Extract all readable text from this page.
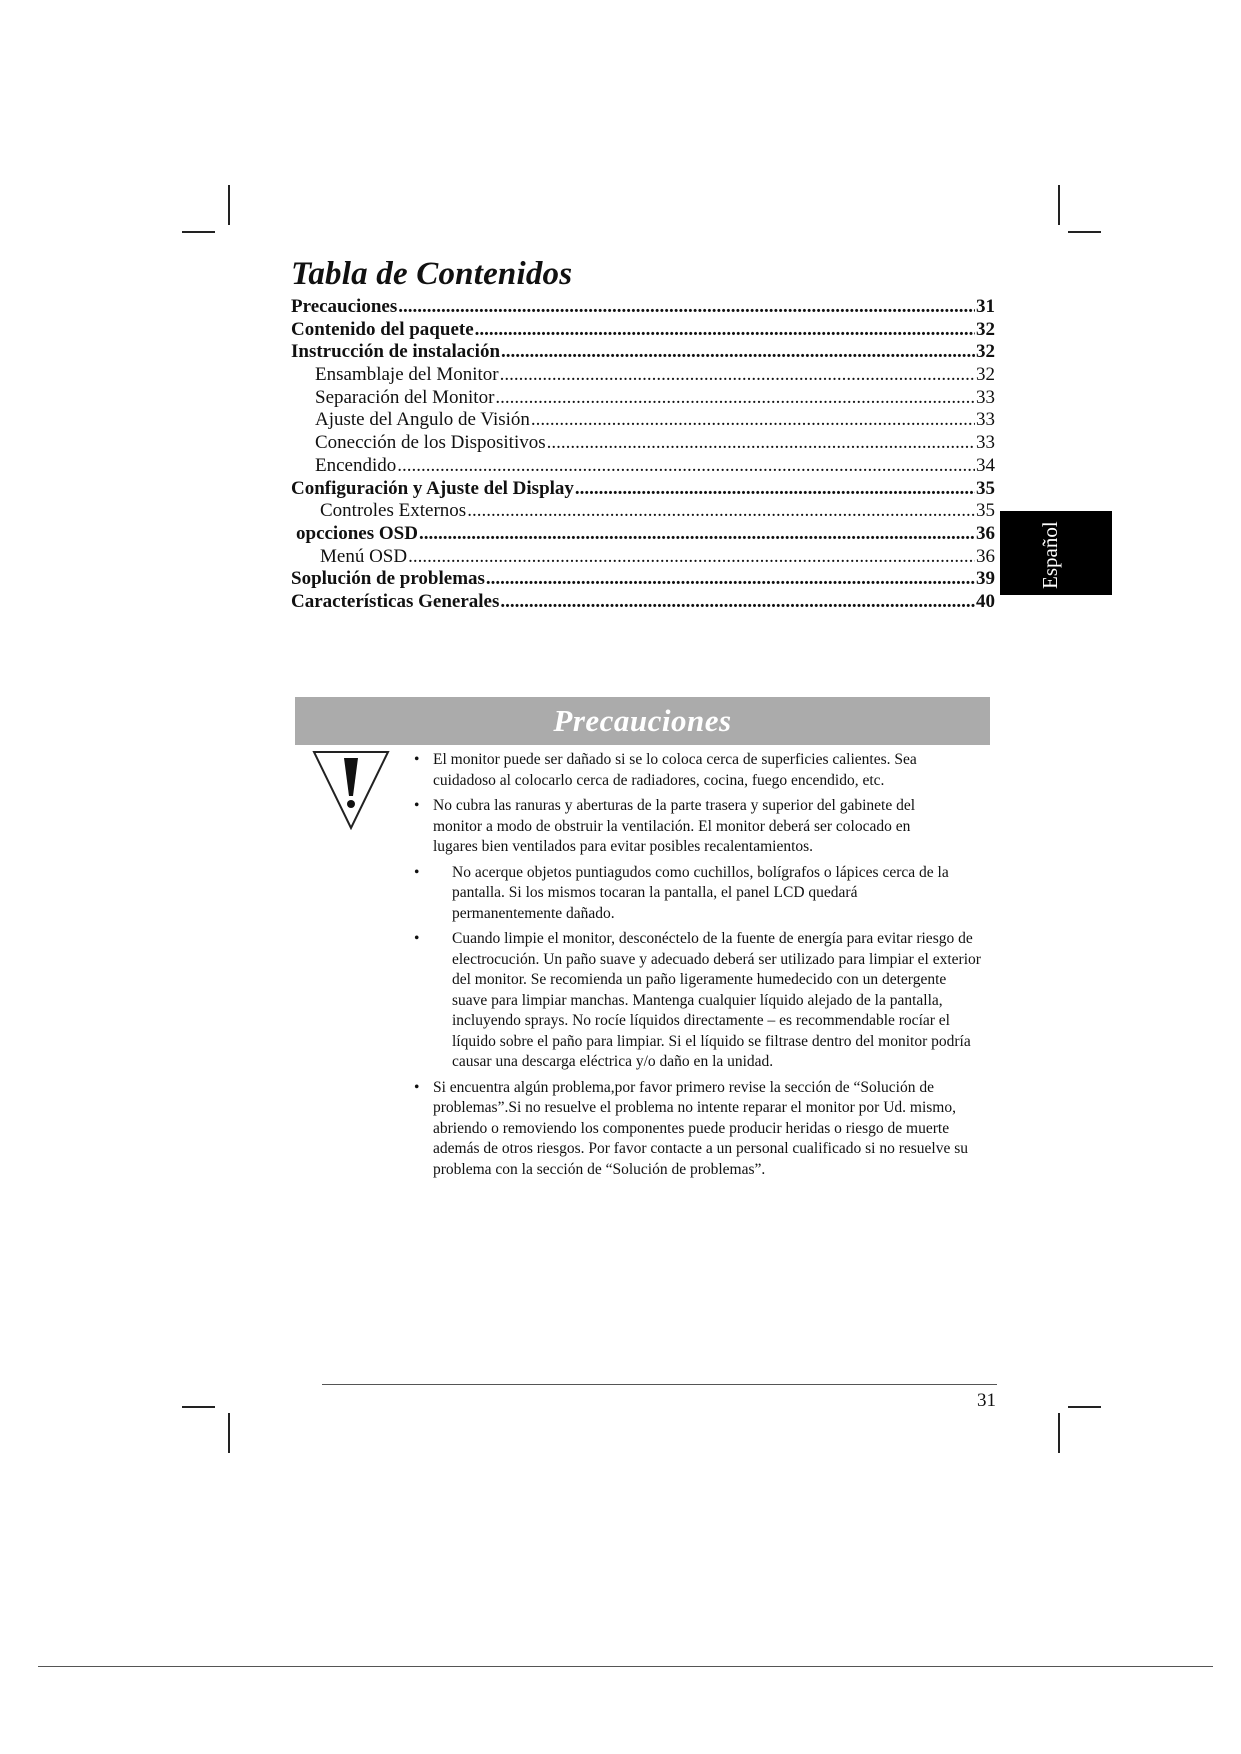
Español
Tabla de Contenidos
Precauciones .....	31
Contenido del paquete .....	32
Instrucción de instalación .....	32
Ensamblaje del Monitor .....	32
Separación del Monitor .....	33
Ajuste del Angulo de Visión .....	33
Conección de los Dispositivos .....	33
Encendido .....	34
Configuración y Ajuste del Display .....	35
Controles Externos .....	35
opcciones OSD .....	36
Menú OSD .....	36
Soplución de problemas .....	39
Características Generales .....	40
Precauciones
• El monitor puede ser dañado si se lo coloca cerca de superficies calientes. Sea cuidadoso al colocarlo cerca de radiadores, cocina, fuego encendido, etc.

• No cubra las ranuras y aberturas de la parte trasera y superior del gabinete del monitor a modo de obstruir la ventilación. El monitor deberá ser colocado en lugares bien ventilados para evitar posibles recalentamientos.

•	No acerque objetos puntiagudos como cuchillos, bolígrafos o lápices cerca de la pantalla. Si los mismos tocaran la pantalla, el panel LCD quedará permanentemente dañado.

•	Cuando limpie el monitor, desconéctelo de la fuente de energía para evitar riesgo de electrocución. Un paño suave y adecuado deberá ser utilizado para limpiar el exterior del monitor. Se recomienda un paño ligeramente humedecido con un detergente suave para limpiar manchas. Mantenga cualquier líquido alejado de la pantalla, incluyendo sprays. No rocíe líquidos directamente – es recommendable rocíar el líquido sobre el paño para limpiar. Si el líquido se filtrase dentro del monitor podría causar una descarga eléctrica y/o daño en la unidad.

• Si encuentra algún problema,por favor primero revise la sección de “Solución de problemas”.Si no resuelve el problema no intente reparar el monitor por Ud. mismo, abriendo o removiendo los componentes puede producir heridas o riesgo de muerte además de otros riesgos. Por favor contacte a un personal cualificado si no resuelve su problema con la sección de “Solución de problemas”.

31
